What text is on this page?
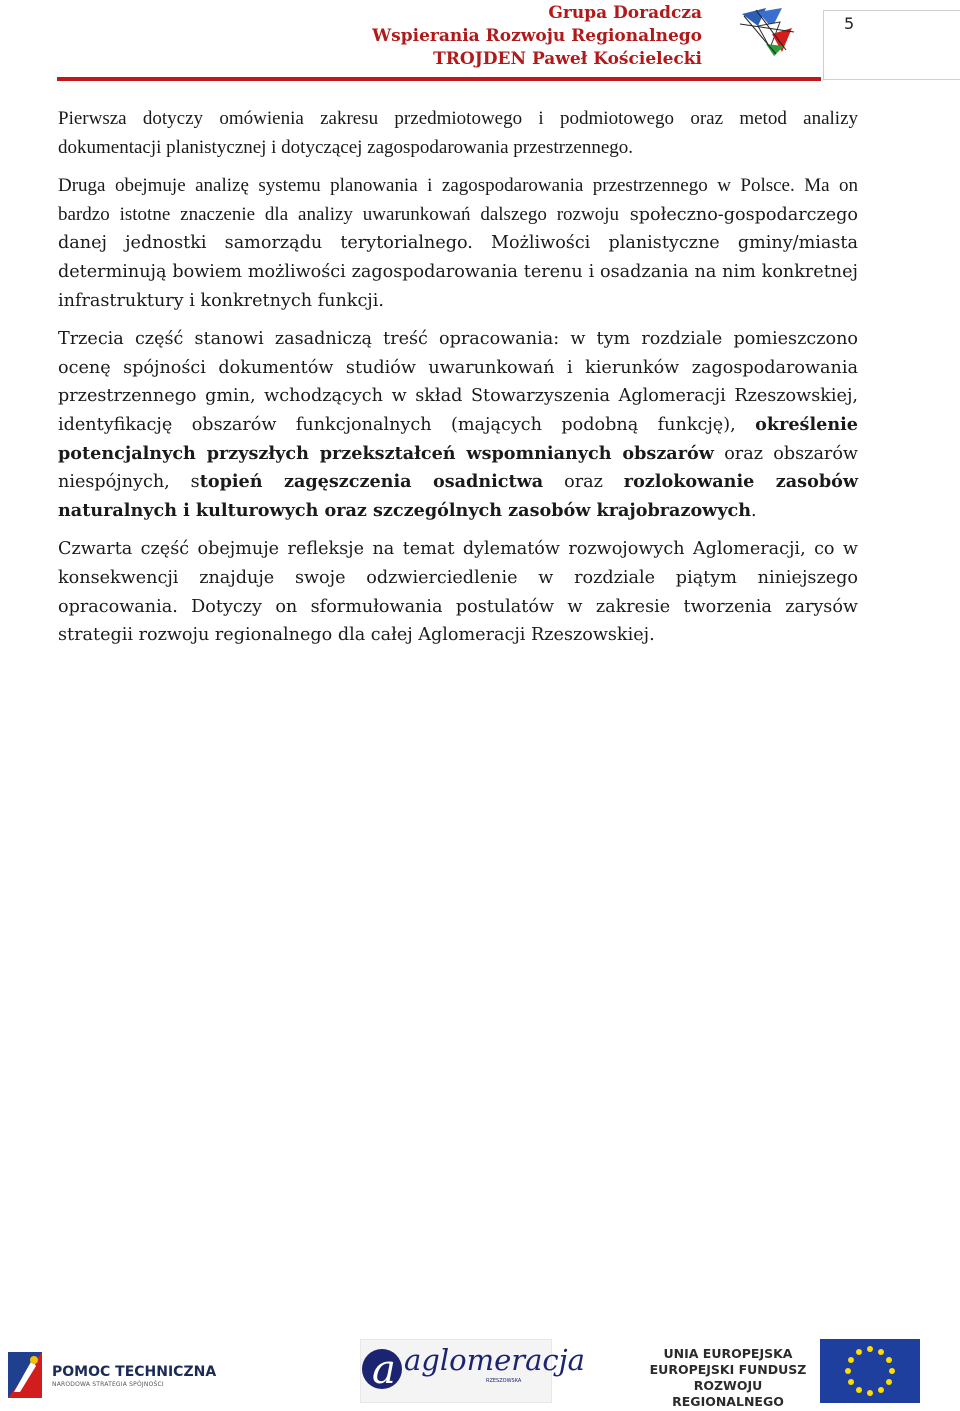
Grupa Doradcza
Wspierania Rozwoju Regionalnego
TROJDEN Paweł Kościelecki
5

Pierwsza dotyczy omówienia zakresu przedmiotowego i podmiotowego oraz metod analizy dokumentacji planistycznej i dotyczącej zagospodarowania przestrzennego.

Druga obejmuje analizę systemu planowania i zagospodarowania przestrzennego w Polsce. Ma on bardzo istotne znaczenie dla analizy uwarunkowań dalszego rozwoju społeczno-gospodarczego danej jednostki samorządu terytorialnego. Możliwości planistyczne gminy/miasta determinują bowiem możliwości zagospodarowania terenu i osadzania na nim konkretnej infrastruktury i konkretnych funkcji.

Trzecia część stanowi zasadniczą treść opracowania: w tym rozdziale pomieszczono ocenę spójności dokumentów studiów uwarunkowań i kierunków zagospodarowania przestrzennego gmin, wchodzących w skład Stowarzyszenia Aglomeracji Rzeszowskiej, identyfikację obszarów funkcjonalnych (mających podobną funkcję), określenie potencjalnych przyszłych przekształceń wspomnianych obszarów oraz obszarów niespójnych, stopień zagęszczenia osadnictwa oraz rozlokowanie zasobów naturalnych i kulturowych oraz szczególnych zasobów krajobrazowych.

Czwarta część obejmuje refleksje na temat dylematów rozwojowych Aglomeracji, co w konsekwencji znajduje swoje odzwierciedlenie w rozdziale piątym niniejszego opracowania. Dotyczy on sformułowania postulatów w zakresie tworzenia zarysów strategii rozwoju regionalnego dla całej Aglomeracji Rzeszowskiej.

POMOC TECHNICZNA
NARODOWA STRATEGIA SPÓJNOŚCI	a aglomeracja
RZESZOWSKA
UNIA EUROPEJSKA
EUROPEJSKI FUNDUSZ
ROZWOJU REGIONALNEGO
